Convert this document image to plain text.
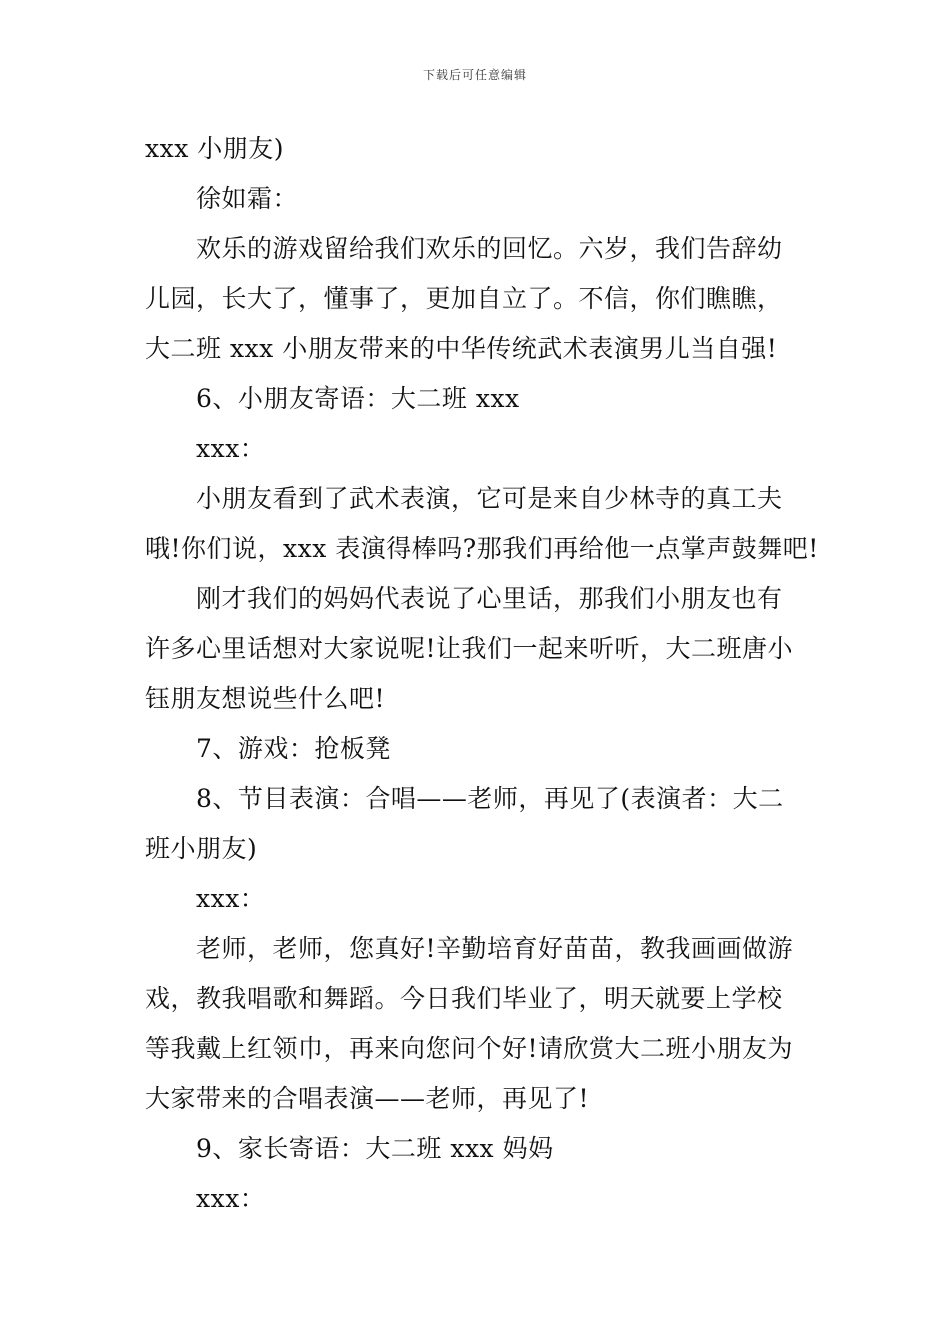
下载后可任意编辑
xxx 小朋友)
徐如霜：
欢乐的游戏留给我们欢乐的回忆。六岁，我们告辞幼
儿园，长大了，懂事了，更加自立了。不信，你们瞧瞧，
大二班 xxx 小朋友带来的中华传统武术表演男儿当自强!
6、小朋友寄语：大二班 xxx
xxx：
小朋友看到了武术表演，它可是来自少林寺的真工夫
哦!你们说，xxx 表演得棒吗?那我们再给他一点掌声鼓舞吧!
刚才我们的妈妈代表说了心里话，那我们小朋友也有
许多心里话想对大家说呢!让我们一起来听听，大二班唐小
钰朋友想说些什么吧!
7、游戏：抢板凳
8、节目表演：合唱——老师，再见了(表演者：大二
班小朋友)
xxx：
老师，老师，您真好!辛勤培育好苗苗，教我画画做游
戏，教我唱歌和舞蹈。今日我们毕业了，明天就要上学校
等我戴上红领巾，再来向您问个好!请欣赏大二班小朋友为
大家带来的合唱表演——老师，再见了!
9、家长寄语：大二班 xxx 妈妈
xxx：
